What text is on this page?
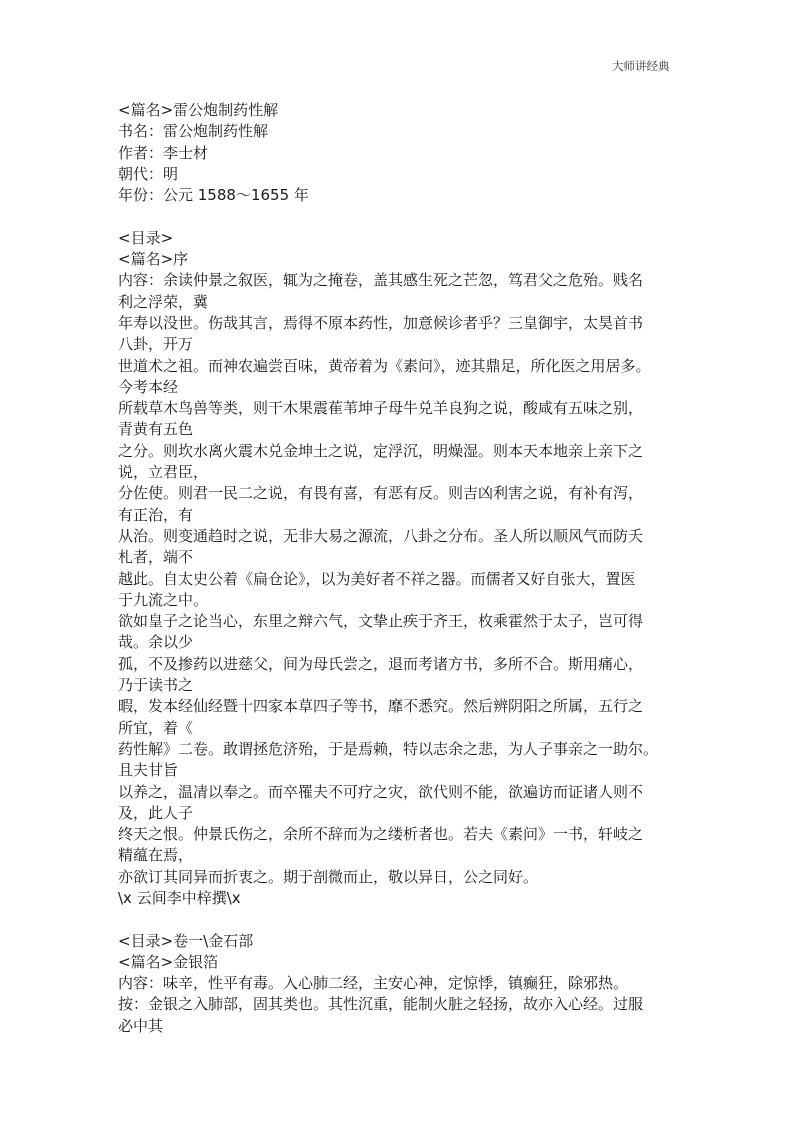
大师讲经典
<篇名>雷公炮制药性解
书名：雷公炮制药性解
作者：李士材
朝代：明
年份：公元 1588～1655 年
<目录>
<篇名>序
内容：余读仲景之叙医，辄为之掩卷，盖其感生死之芒忽，笃君父之危殆。贱名
利之浮荣，冀
年寿以没世。伤哉其言，焉得不原本药性，加意候诊者乎？三皇御宇，太昊首书
八卦，开万
世道术之祖。而神农遍尝百味，黄帝着为《素问》，迹其鼎足，所化医之用居多。
今考本经
所载草木鸟兽等类，则干木果震萑苇坤子母牛兑羊良狗之说，酸咸有五味之别，
青黄有五色
之分。则坎水离火震木兑金坤土之说，定浮沉，明燥湿。则本天本地亲上亲下之
说，立君臣，
分佐使。则君一民二之说，有畏有喜，有恶有反。则吉凶利害之说，有补有泻，
有正治，有
从治。则变通趋时之说，无非大易之源流，八卦之分布。圣人所以顺风气而防夭
札者，端不
越此。自太史公着《扁仓论》，以为美好者不祥之器。而儒者又好自张大，置医
于九流之中。
欲如皇子之论当心，东里之辩六气，文挚止疾于齐王，枚乘霍然于太子，岂可得
哉。余以少
孤，不及掺药以进慈父，间为母氏尝之，退而考诸方书，多所不合。斯用痛心，
乃于读书之
暇，发本经仙经暨十四家本草四子等书，靡不悉究。然后辨阴阳之所属，五行之
所宜，着《
药性解》二卷。敢谓拯危济殆，于是焉赖，特以志余之悲，为人子事亲之一助尔。
且夫甘旨
以养之，温凊以奉之。而卒罹夫不可疗之灾，欲代则不能，欲遍访而证诸人则不
及，此人子
终天之恨。仲景氏伤之，余所不辞而为之缕析者也。若夫《素问》一书，轩岐之
精蕴在焉，
亦欲订其同异而折衷之。期于剖微而止，敬以异日，公之同好。
\x 云间李中梓撰\x
<目录>卷一\金石部
<篇名>金银箔
内容：味辛，性平有毒。入心肺二经，主安心神，定惊悸，镇癫狂，除邪热。
按：金银之入肺部，固其类也。其性沉重，能制火脏之轻扬，故亦入心经。过服
必中其
